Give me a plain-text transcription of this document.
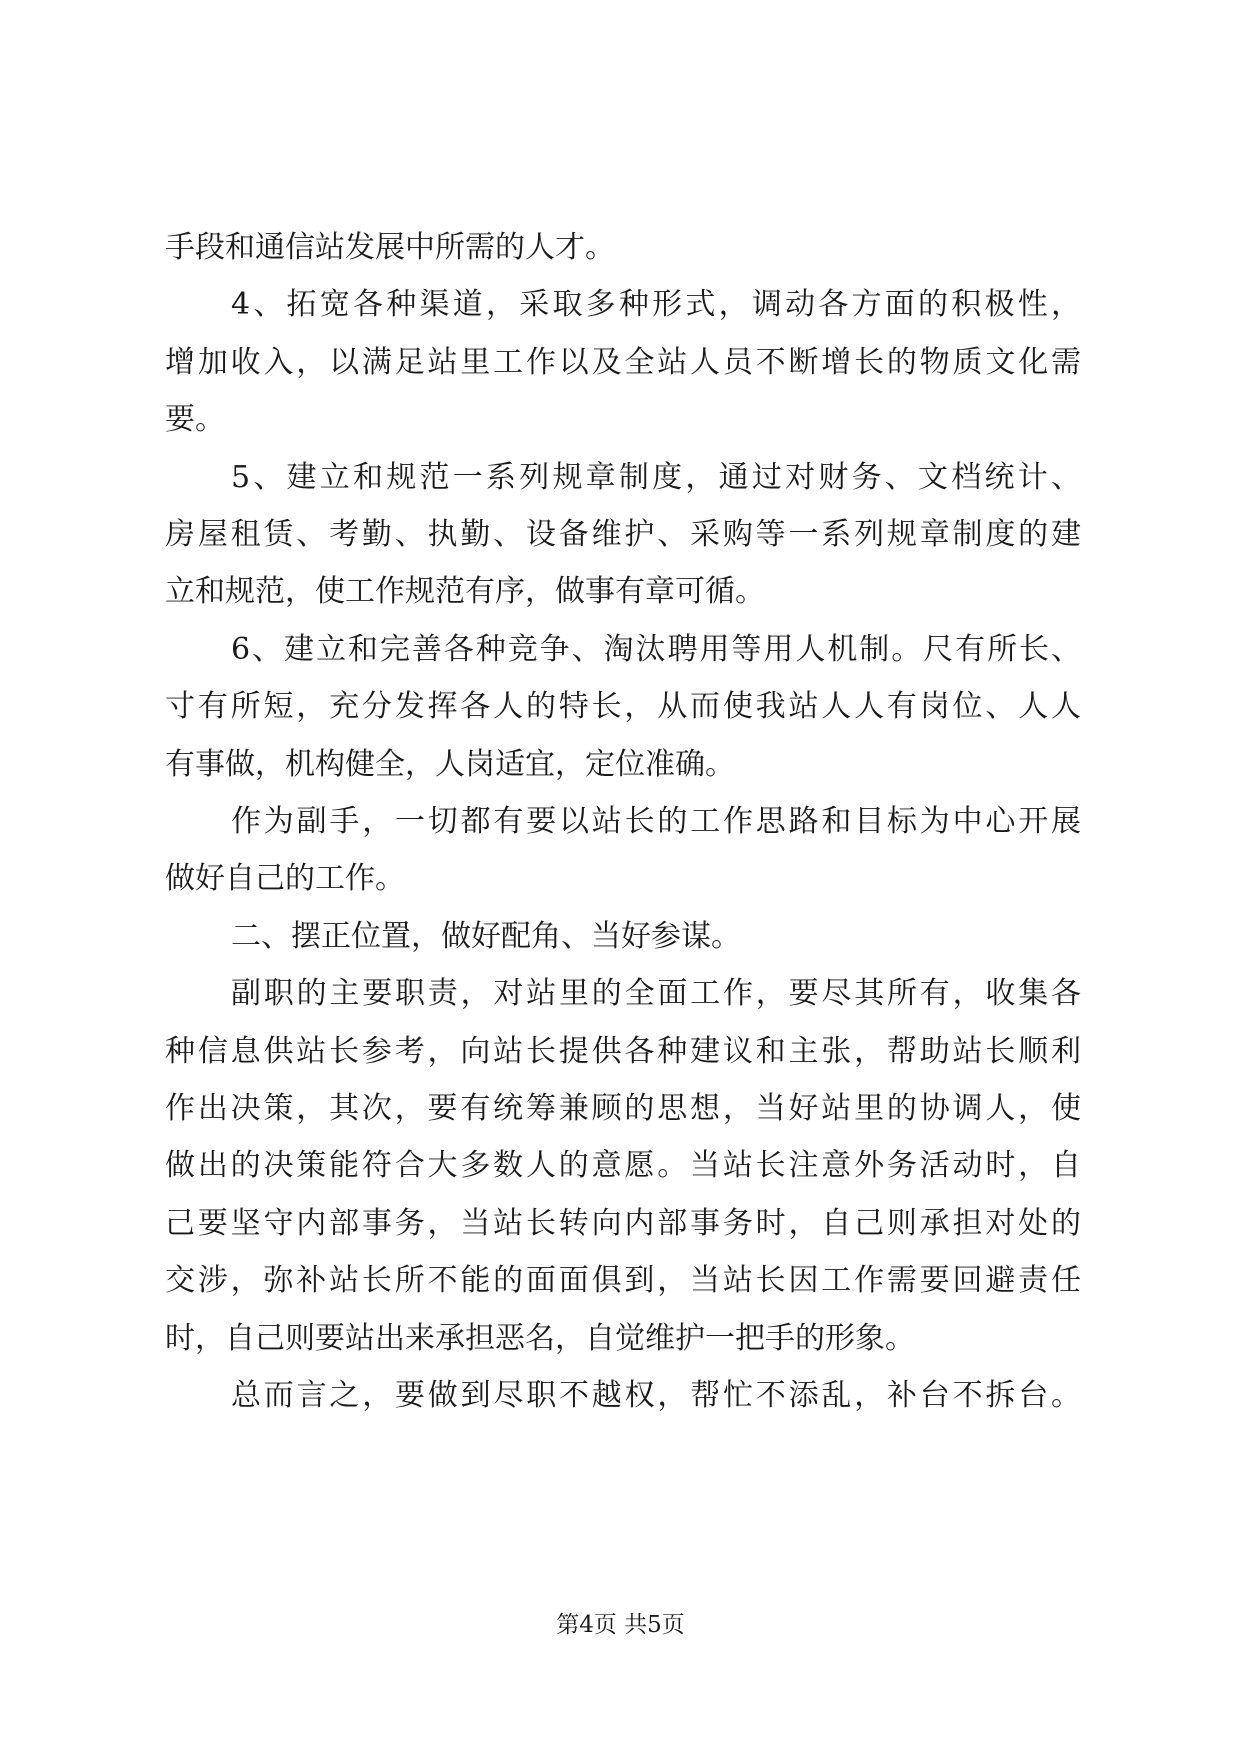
手段和通信站发展中所需的人才。
4、拓宽各种渠道，采取多种形式，调动各方面的积极性，
增加收入，以满足站里工作以及全站人员不断增长的物质文化需
要。
5、建立和规范一系列规章制度，通过对财务、文档统计、
房屋租赁、考勤、执勤、设备维护、采购等一系列规章制度的建
立和规范，使工作规范有序，做事有章可循。
6、建立和完善各种竞争、淘汰聘用等用人机制。尺有所长、
寸有所短，充分发挥各人的特长，从而使我站人人有岗位、人人
有事做，机构健全，人岗适宜，定位准确。
作为副手，一切都有要以站长的工作思路和目标为中心开展
做好自己的工作。
二、摆正位置，做好配角、当好参谋。
副职的主要职责，对站里的全面工作，要尽其所有，收集各
种信息供站长参考，向站长提供各种建议和主张，帮助站长顺利
作出决策，其次，要有统筹兼顾的思想，当好站里的协调人，使
做出的决策能符合大多数人的意愿。当站长注意外务活动时，自
己要坚守内部事务，当站长转向内部事务时，自己则承担对处的
交涉，弥补站长所不能的面面俱到，当站长因工作需要回避责任
时，自己则要站出来承担恶名，自觉维护一把手的形象。
总而言之，要做到尽职不越权，帮忙不添乱，补台不拆台。
第4页 共5页
